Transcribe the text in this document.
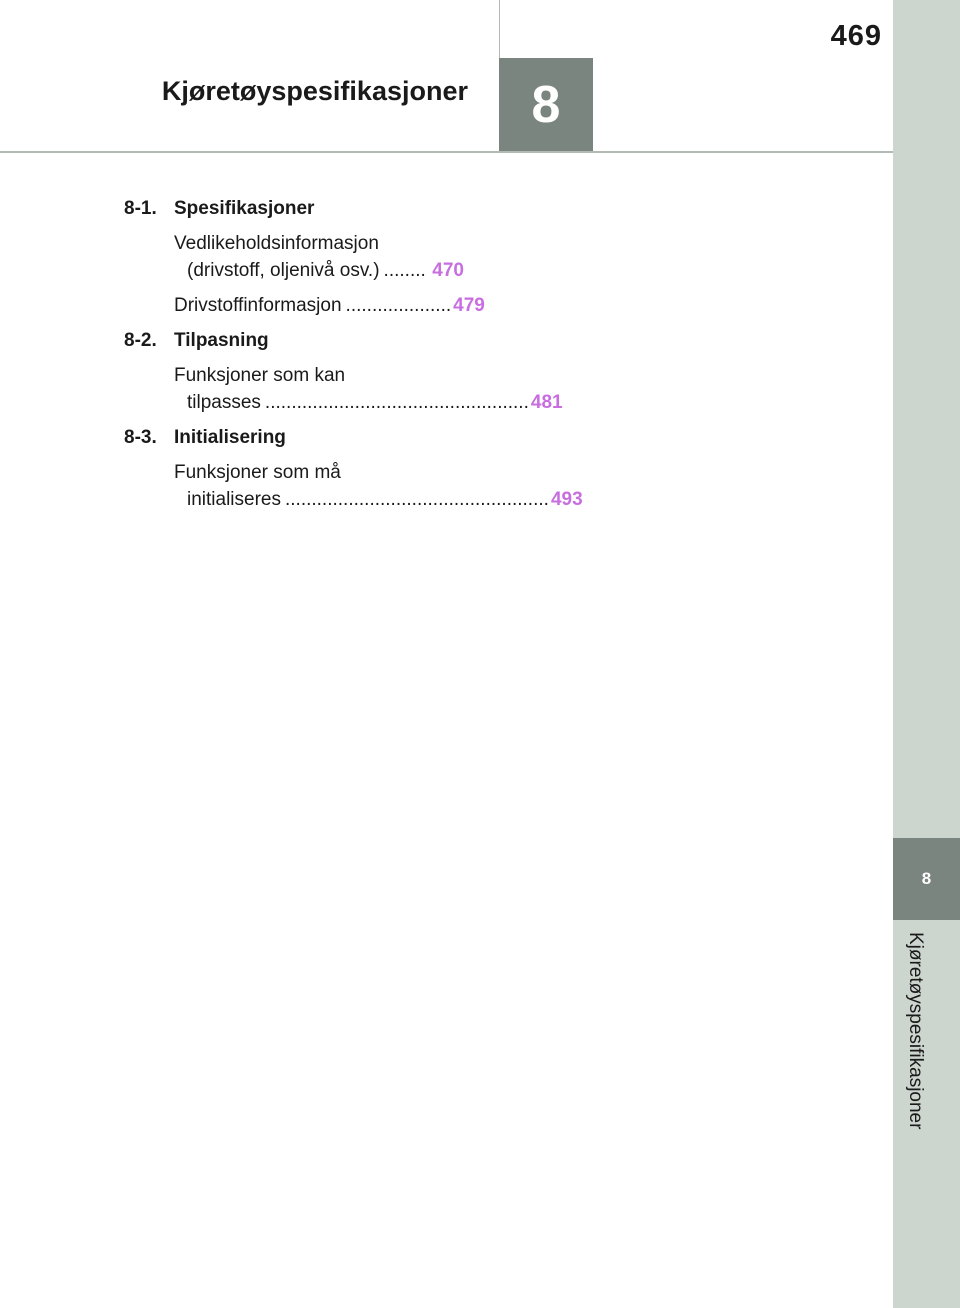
469
Kjøretøyspesifikasjoner	8
8
Kjøretøyspesifikasjoner
8-1. Spesifikasjoner
Vedlikeholdsinformasjon
(drivstoff, oljenivå osv.) ........ 470
Drivstoffinformasjon .................... 479
8-2. Tilpasning
Funksjoner som kan
tilpasses .................................................. 481
8-3. Initialisering
Funksjoner som må
initialiseres .................................................. 493
